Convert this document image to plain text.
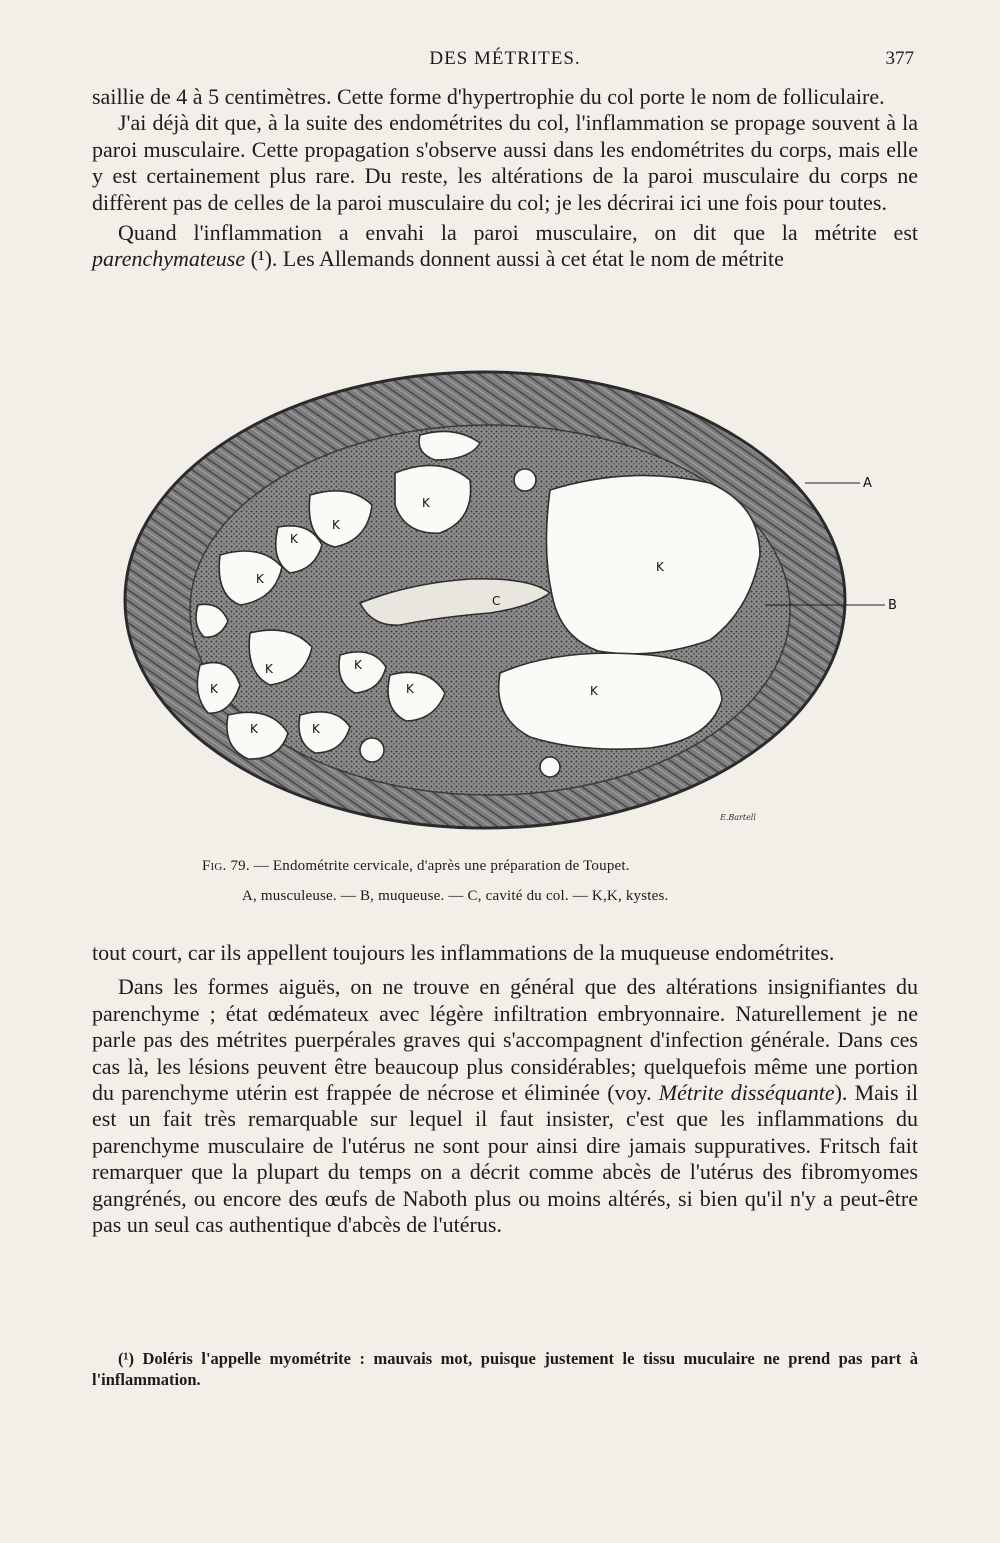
DES MÉTRITES.	377

saillie de 4 à 5 centimètres. Cette forme d'hypertrophie du col porte le nom de folliculaire.

J'ai déjà dit que, à la suite des endométrites du col, l'inflammation se propage souvent à la paroi musculaire. Cette propagation s'observe aussi dans les endométrites du corps, mais elle y est certainement plus rare. Du reste, les altérations de la paroi musculaire du corps ne diffèrent pas de celles de la paroi musculaire du col; je les décrirai ici une fois pour toutes.

Quand l'inflammation a envahi la paroi musculaire, on dit que la métrite est parenchymateuse (¹). Les Allemands donnent aussi à cet état le nom de métrite

K
K
K
K
K
K	K
K	K	K
K	K
C
A
B
E.Bartell
Fig. 79. — Endométrite cervicale, d'après une préparation de Toupet.
A, musculeuse. — B, muqueuse. — C, cavité du col. — K,K, kystes.

tout court, car ils appellent toujours les inflammations de la muqueuse endométrites.

Dans les formes aiguës, on ne trouve en général que des altérations insignifiantes du parenchyme ; état œdémateux avec légère infiltration embryonnaire. Naturellement je ne parle pas des métrites puerpérales graves qui s'accompagnent d'infection générale. Dans ces cas là, les lésions peuvent être beaucoup plus considérables; quelquefois même une portion du parenchyme utérin est frappée de nécrose et éliminée (voy. Métrite disséquante). Mais il est un fait très remarquable sur lequel il faut insister, c'est que les inflammations du parenchyme musculaire de l'utérus ne sont pour ainsi dire jamais suppuratives. Fritsch fait remarquer que la plupart du temps on a décrit comme abcès de l'utérus des fibromyomes gangrénés, ou encore des œufs de Naboth plus ou moins altérés, si bien qu'il n'y a peut-être pas un seul cas authentique d'abcès de l'utérus.

(¹) Doléris l'appelle myométrite : mauvais mot, puisque justement le tissu muculaire ne prend pas part à l'inflammation.
